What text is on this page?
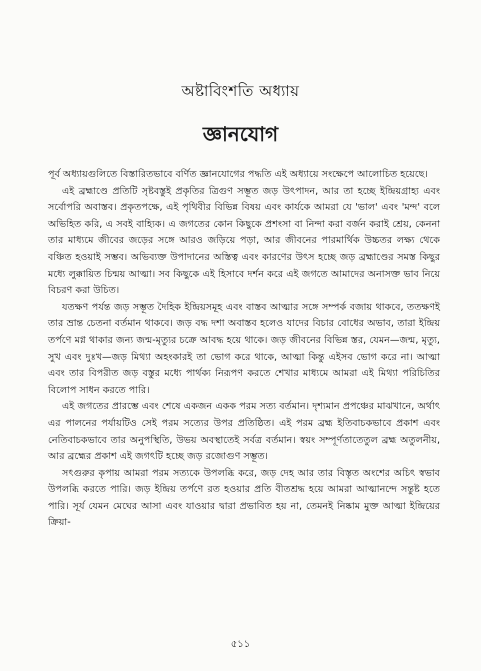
অষ্টাবিংশতি অধ্যায়
জ্ঞানযোগ

পূর্ব অধ্যায়গুলিতে বিস্তারিতভাবে বর্ণিত জ্ঞানযোগের পদ্ধতি এই অধ্যায়ে সংক্ষেপে আলোচিত হয়েছে।

এই ব্রহ্মাণ্ডে প্রতিটি সৃষ্টবস্তুই প্রকৃতির ত্রিগুণ সম্ভূত জড় উৎপাদন, আর তা হচ্ছে ইন্দ্রিয়গ্রাহ্য এবং সর্বোপরি অবাস্তব। প্রকৃতপক্ষে, এই পৃথিবীর বিভিন্ন বিষয় এবং কার্যকে আমরা যে 'ভাল' এবং 'মন্দ' বলে অভিহিত করি, এ সবই বাহ্যিক। এ জগতের কোন কিছুকে প্রশংসা বা নিন্দা করা বর্জন করাই শ্রেয়, কেননা তার মাধ্যমে জীবের জড়ের সঙ্গে আরও জড়িয়ে পড়া, আর জীবনের পারমার্থিক উচ্চতর লক্ষ্য থেকে বঞ্চিত হওয়াই সম্ভব। অভিব্যক্ত উপাদানের অস্তিত্ব এবং কারণের উৎস হচ্ছে জড় ব্রহ্মাণ্ডের সমস্ত কিছুর মধ্যে লুক্কায়িত চিন্ময় আত্মা। সব কিছুকে এই হিসাবে দর্শন করে এই জগতে আমাদের অনাসক্ত ভাব নিয়ে বিচরণ করা উচিত।

যতক্ষণ পর্যন্ত জড় সম্ভূত দৈহিক ইন্দ্রিয়সমূহ এবং বাস্তব আত্মার সঙ্গে সম্পর্ক বজায় থাকবে, ততক্ষণই তার ভ্রান্ত চেতনা বর্তমান থাকবে। জড় বদ্ধ দশা অবাস্তব হলেও যাদের বিচার বোধের অভাব, তারা ইন্দ্রিয় তর্পণে মগ্ন থাকার জন্য জন্ম-মৃত্যুর চক্রে আবদ্ধ হয়ে থাকে। জড় জীবনের বিভিন্ন স্তর, যেমন—জন্ম, মৃত্যু, সুখ এবং দুঃখ—জড় মিথ্যা অহংকারই তা ভোগ করে থাকে, আত্মা কিন্তু এইসব ভোগ করে না। আত্মা এবং তার বিপরীত জড় বস্তুর মধ্যে পার্থক্য নিরূপণ করতে শেখার মাধ্যমে আমরা এই মিথ্যা পরিচিতির বিলোপ সাধন করতে পারি।

এই জগতের প্রারম্ভে এবং শেষে একজন একক পরম সত্য বর্তমান। দৃশ্যমান প্রপঞ্চের মাঝখানে, অর্থাৎ এর পালনের পর্যায়টিও সেই পরম সত্যের উপর প্রতিষ্ঠিত। এই পরম ব্রহ্ম ইতিবাচকভাবে প্রকাশ এবং নেতিবাচকভাবে তার অনুপস্থিতি, উভয় অবস্থাতেই সর্বত্র বর্তমান। স্বয়ং সম্পূর্ণতাতেতুল ব্রহ্ম অতুলনীয়, আর ব্রহ্মের প্রকাশ এই জগৎটি হচ্ছে জড় রজোগুণ সম্ভূত।

সৎগুরুর কৃপায় আমরা পরম সত্যকে উপলব্ধি করে, জড় দেহ আর তার বিস্তৃত অংশের অচিৎ স্বভাব উপলব্ধি করতে পারি। জড় ইন্দ্রিয় তর্পণে রত হওয়ার প্রতি বীতশ্রদ্ধ হয়ে আমরা আত্মানন্দে সন্তুষ্ট হতে পারি। সূর্য যেমন মেঘের আসা এবং যাওয়ার দ্বারা প্রভাবিত হয় না, তেমনই নিষ্কাম মুক্ত আত্মা ইন্দ্রিয়ের ক্রিয়া-

৫১১
